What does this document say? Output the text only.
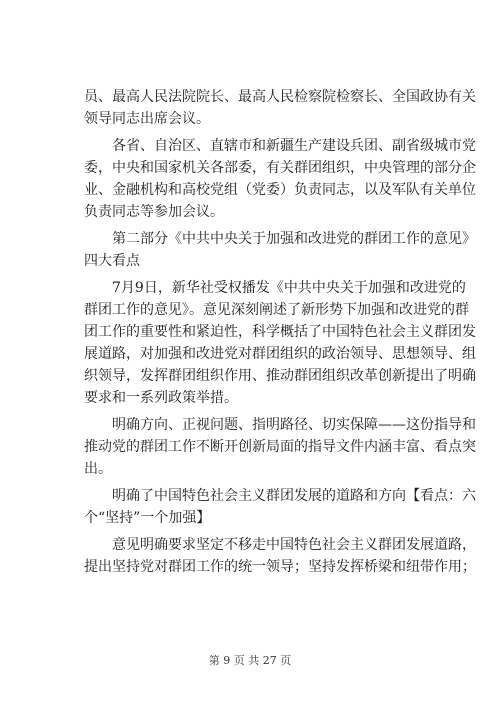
员、最高人民法院院长、最高人民检察院检察长、全国政协有关
领导同志出席会议。
各省、自治区、直辖市和新疆生产建设兵团、副省级城市党
委，中央和国家机关各部委，有关群团组织，中央管理的部分企
业、金融机构和高校党组（党委）负责同志，以及军队有关单位
负责同志等参加会议。
第二部分《中共中央关于加强和改进党的群团工作的意见》
四大看点
7月9日，新华社受权播发《中共中央关于加强和改进党的
群团工作的意见》。意见深刻阐述了新形势下加强和改进党的群
团工作的重要性和紧迫性，科学概括了中国特色社会主义群团发
展道路，对加强和改进党对群团组织的政治领导、思想领导、组
织领导，发挥群团组织作用、推动群团组织改革创新提出了明确
要求和一系列政策举措。
明确方向、正视问题、指明路径、切实保障——这份指导和
推动党的群团工作不断开创新局面的指导文件内涵丰富、看点突
出。
明确了中国特色社会主义群团发展的道路和方向【看点：六
个“坚持”一个加强】
意见明确要求坚定不移走中国特色社会主义群团发展道路，
提出坚持党对群团工作的统一领导；坚持发挥桥梁和纽带作用；
第 9 页 共 27 页
